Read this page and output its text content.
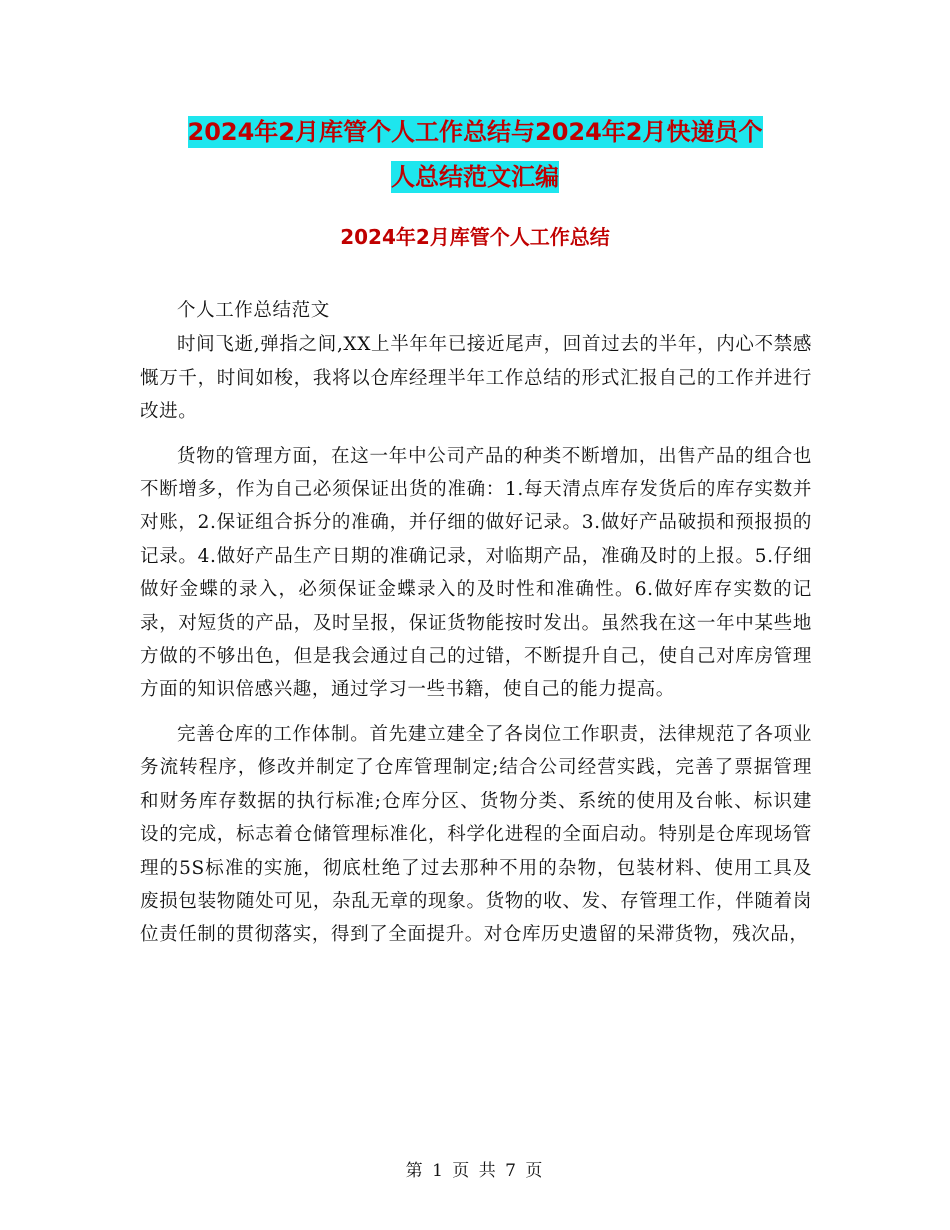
2024年2月库管个人工作总结与2024年2月快递员个
人总结范文汇编
2024年2月库管个人工作总结

个人工作总结范文

时间飞逝,弹指之间,XX上半年年已接近尾声，回首过去的半年，内心不禁感慨万千，时间如梭，我将以仓库经理半年工作总结的形式汇报自己的工作并进行改进。

货物的管理方面，在这一年中公司产品的种类不断增加，出售产品的组合也不断增多，作为自己必须保证出货的准确：1.每天清点库存发货后的库存实数并对账，2.保证组合拆分的准确，并仔细的做好记录。3.做好产品破损和预报损的记录。4.做好产品生产日期的准确记录，对临期产品，准确及时的上报。5.仔细做好金蝶的录入，必须保证金蝶录入的及时性和准确性。6.做好库存实数的记录，对短货的产品，及时呈报，保证货物能按时发出。虽然我在这一年中某些地方做的不够出色，但是我会通过自己的过错，不断提升自己，使自己对库房管理方面的知识倍感兴趣，通过学习一些书籍，使自己的能力提高。

完善仓库的工作体制。首先建立建全了各岗位工作职责，法律规范了各项业务流转程序，修改并制定了仓库管理制定;结合公司经营实践，完善了票据管理和财务库存数据的执行标准;仓库分区、货物分类、系统的使用及台帐、标识建设的完成，标志着仓储管理标准化，科学化进程的全面启动。特别是仓库现场管理的5S标准的实施，彻底杜绝了过去那种不用的杂物，包装材料、使用工具及废损包装物随处可见，杂乱无章的现象。货物的收、发、存管理工作，伴随着岗位责任制的贯彻落实，得到了全面提升。对仓库历史遗留的呆滞货物，残次品，

第 1 页 共 7 页
